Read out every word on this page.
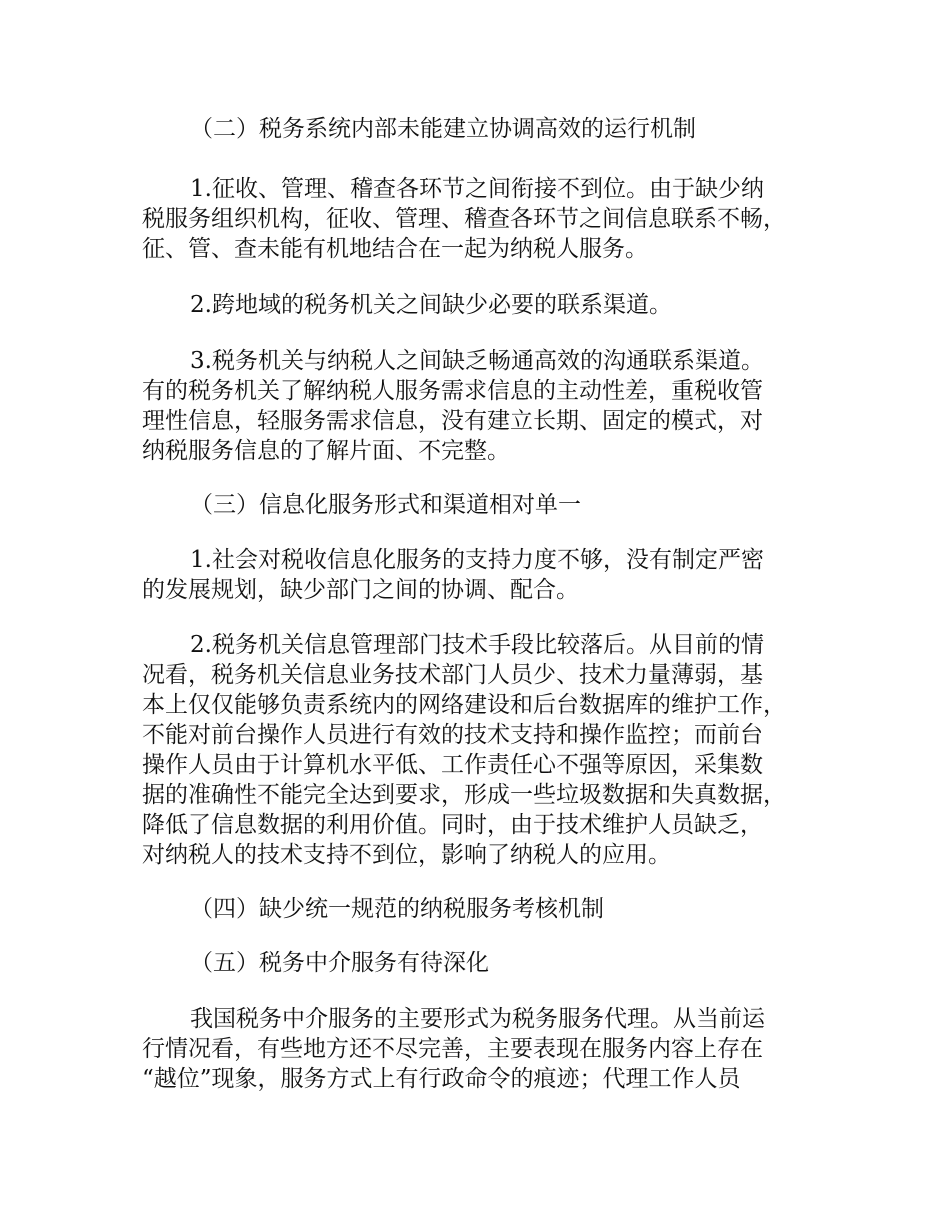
（二）税务系统内部未能建立协调高效的运行机制
1.征收、管理、稽查各环节之间衔接不到位。由于缺少纳
税服务组织机构，征收、管理、稽查各环节之间信息联系不畅，
征、管、查未能有机地结合在一起为纳税人服务。
2.跨地域的税务机关之间缺少必要的联系渠道。
3.税务机关与纳税人之间缺乏畅通高效的沟通联系渠道。
有的税务机关了解纳税人服务需求信息的主动性差，重税收管
理性信息，轻服务需求信息，没有建立长期、固定的模式，对
纳税服务信息的了解片面、不完整。
（三）信息化服务形式和渠道相对单一
1.社会对税收信息化服务的支持力度不够，没有制定严密
的发展规划，缺少部门之间的协调、配合。
2.税务机关信息管理部门技术手段比较落后。从目前的情
况看，税务机关信息业务技术部门人员少、技术力量薄弱，基
本上仅仅能够负责系统内的网络建设和后台数据库的维护工作，
不能对前台操作人员进行有效的技术支持和操作监控；而前台
操作人员由于计算机水平低、工作责任心不强等原因，采集数
据的准确性不能完全达到要求，形成一些垃圾数据和失真数据，
降低了信息数据的利用价值。同时，由于技术维护人员缺乏，
对纳税人的技术支持不到位，影响了纳税人的应用。
（四）缺少统一规范的纳税服务考核机制
（五）税务中介服务有待深化
我国税务中介服务的主要形式为税务服务代理。从当前运
行情况看，有些地方还不尽完善，主要表现在服务内容上存在
“越位”现象，服务方式上有行政命令的痕迹；代理工作人员
